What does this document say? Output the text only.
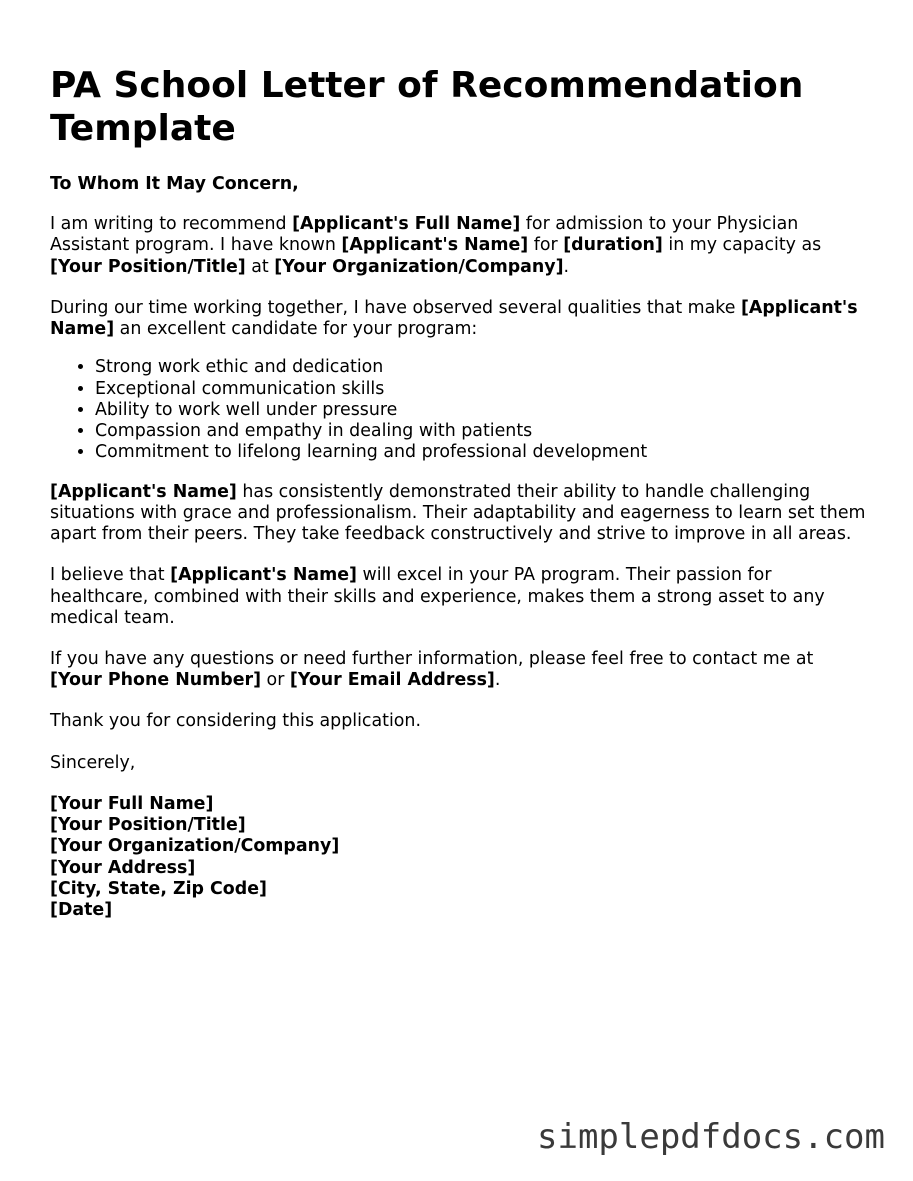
PA School Letter of Recommendation Template

To Whom It May Concern,

I am writing to recommend [Applicant's Full Name] for admission to your Physician Assistant program. I have known [Applicant's Name] for [duration] in my capacity as [Your Position/Title] at [Your Organization/Company].

During our time working together, I have observed several qualities that make [Applicant's Name] an excellent candidate for your program:

• Strong work ethic and dedication
• Exceptional communication skills
• Ability to work well under pressure
• Compassion and empathy in dealing with patients
• Commitment to lifelong learning and professional development

[Applicant's Name] has consistently demonstrated their ability to handle challenging situations with grace and professionalism. Their adaptability and eagerness to learn set them apart from their peers. They take feedback constructively and strive to improve in all areas.

I believe that [Applicant's Name] will excel in your PA program. Their passion for healthcare, combined with their skills and experience, makes them a strong asset to any medical team.

If you have any questions or need further information, please feel free to contact me at [Your Phone Number] or [Your Email Address].

Thank you for considering this application.

Sincerely,

[Your Full Name]
[Your Position/Title]
[Your Organization/Company]
[Your Address]
[City, State, Zip Code]
[Date]
simplepdfdocs.com
